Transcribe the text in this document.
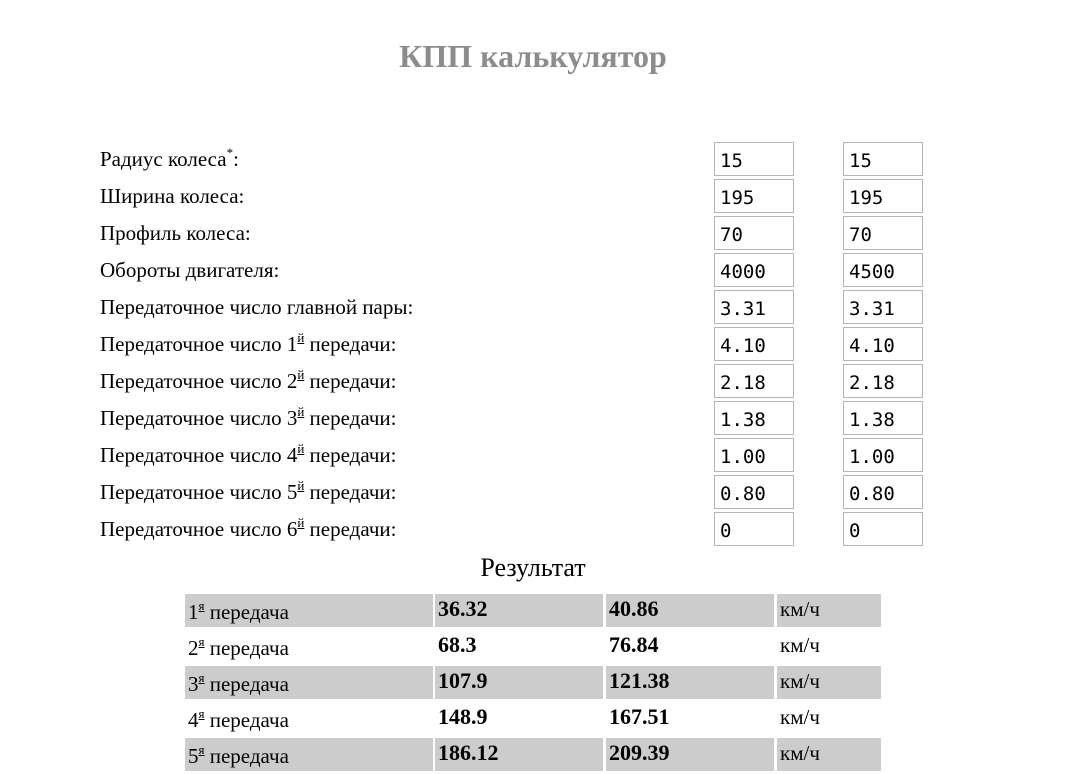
КПП калькулятор
Радиус колеса*:
15
15
Ширина колеса:
195
195
Профиль колеса:
70
70
Обороты двигателя:
4000
4500
Передаточное число главной пары:
3.31
3.31
Передаточное число $1^й$ передачи:
4.10
4.10
Передаточное число $2^й$ передачи:
2.18
2.18
Передаточное число $3^й$ передачи:
1.38
1.38
Передаточное число $4^й$ передачи:
1.00
1.00
Передаточное число $5^й$ передачи:
0.80
0.80
Передаточное число $6^й$ передачи:
0
0
Результат
$1^я$ передача	36.32	40.86	км/ч
$2^я$ передача	68.3	76.84	км/ч
$3^я$ передача	107.9	121.38	км/ч
$4^я$ передача	148.9	167.51	км/ч
$5^я$ передача	186.12	209.39	км/ч
